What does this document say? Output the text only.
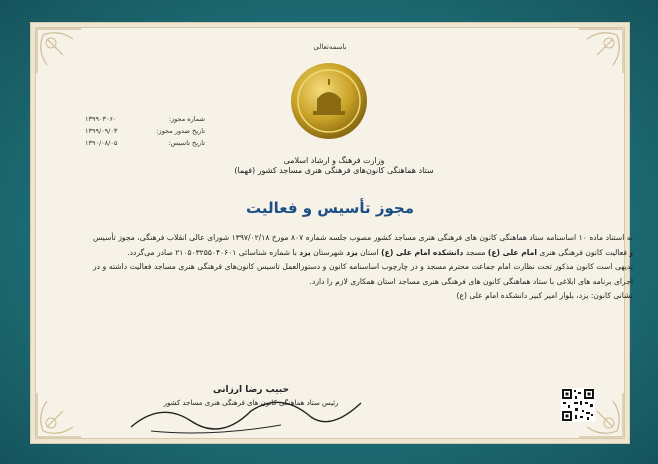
باسمه‌تعالی
شماره مجوز:
۱۳۹۹۰۳۰۶۰
تاریخ صدور مجوز:
۱۳۹۹/۰۹/۰۳
تاریخ تاسیس:
۱۳۹۰/۰۸/۰۵
وزارت فرهنگ و ارشاد اسلامی
ستاد هماهنگی کانون‌های فرهنگی هنری مساجد کشور (فهما)
مجوز تأسیس و فعالیت

به استناد ماده ۱۰ اساسنامه ستاد هماهنگی کانون های فرهنگی هنری مساجد کشور مصوب جلسه شماره ۸۰۷ مورخ ۱۳۹۷/۰۲/۱۸ شورای عالی انقلاب فرهنگی، مجوز تأسیس و فعالیت کانون فرهنگی هنری امام علی (ع) مسجد دانشکده امام علی (ع) استان یزد شهرستان یزد با شماره شناسائی ۲۱۰۵۰۳۲۵۵۰۴۰۶۰۱ صادر می‌گردد.

بدیهی است کانون مذکور تحت نظارت امام جماعت محترم مسجد و در چارچوب اساسنامه کانون و دستورالعمل تاسیس کانون‌های فرهنگی هنری مساجد فعالیت داشته و در اجرای برنامه های ابلاغی با ستاد هماهنگی کانون های فرهنگی هنری مساجد استان همکاری لازم را دارد.

نشانی کانون: یزد، بلوار امیر کبیر دانشکده امام علی (ع)

حبیب رضا ارزانی
رئیس ستاد هماهنگی کانون های فرهنگی هنری مساجد کشور
